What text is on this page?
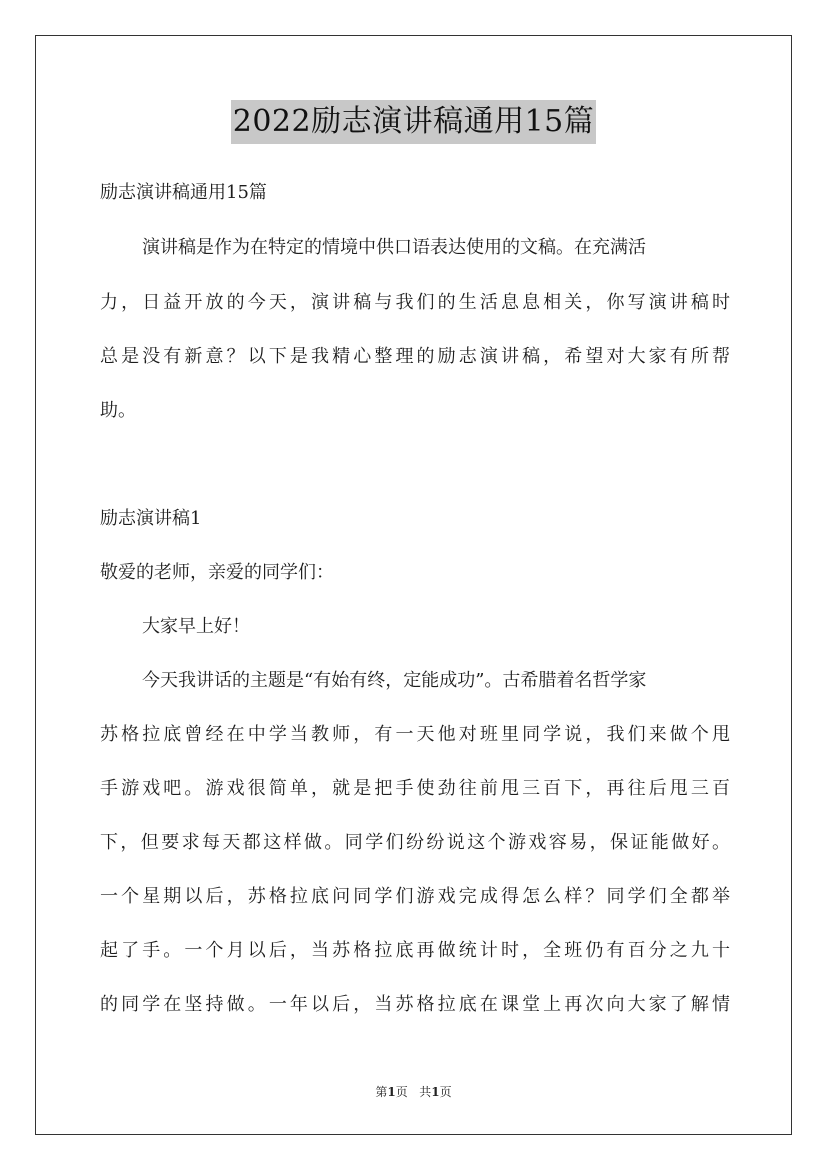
2022励志演讲稿通用15篇
励志演讲稿通用15篇
演讲稿是作为在特定的情境中供口语表达使用的文稿。在充满活
力，日益开放的今天，演讲稿与我们的生活息息相关，你写演讲稿时
总是没有新意？以下是我精心整理的励志演讲稿，希望对大家有所帮
助。
励志演讲稿1
敬爱的老师，亲爱的同学们：
大家早上好！
今天我讲话的主题是“有始有终，定能成功”。古希腊着名哲学家
苏格拉底曾经在中学当教师，有一天他对班里同学说，我们来做个甩
手游戏吧。游戏很简单，就是把手使劲往前甩三百下，再往后甩三百
下，但要求每天都这样做。同学们纷纷说这个游戏容易，保证能做好。
一个星期以后，苏格拉底问同学们游戏完成得怎么样？同学们全都举
起了手。一个月以后，当苏格拉底再做统计时，全班仍有百分之九十
的同学在坚持做。一年以后，当苏格拉底在课堂上再次向大家了解情
第1页 共1页
